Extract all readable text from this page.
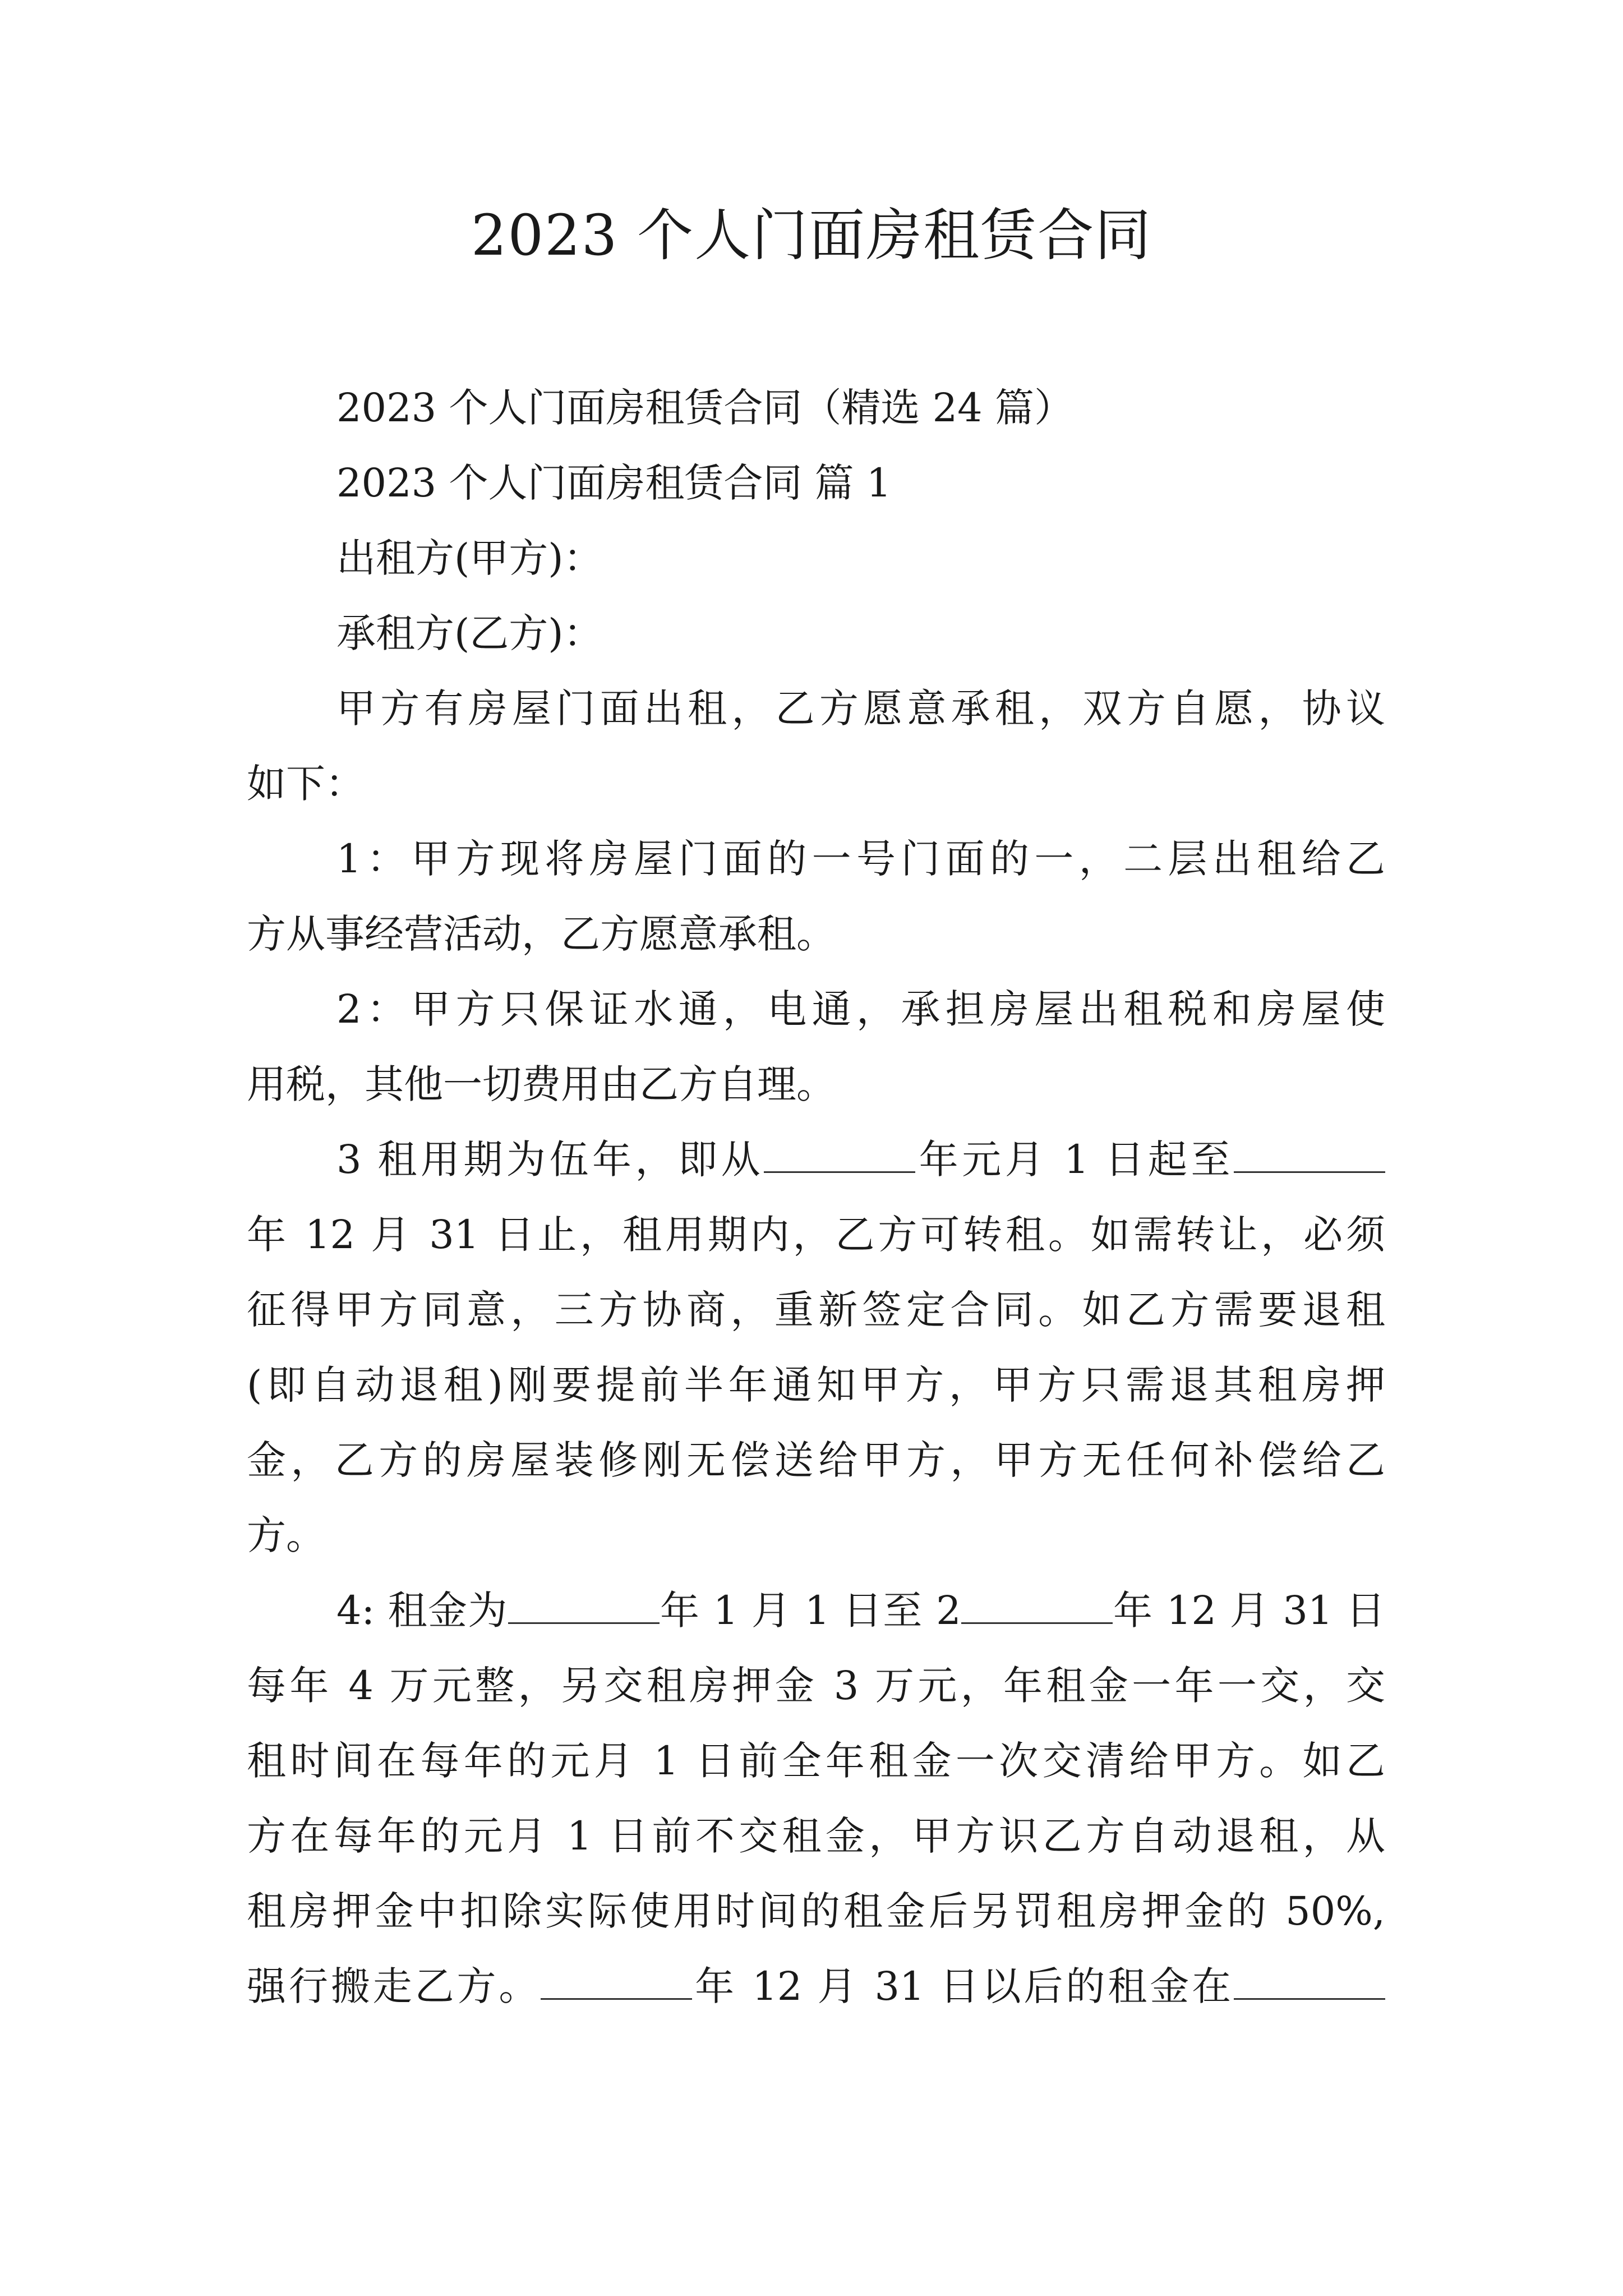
2023 个人门面房租赁合同
2023 个人门面房租赁合同（精选 24 篇）
2023 个人门面房租赁合同 篇 1
出租方(甲方)：
承租方(乙方)：
甲方有房屋门面出租，乙方愿意承租，双方自愿，协议
如下：
1：甲方现将房屋门面的一号门面的一，二层出租给乙
方从事经营活动，乙方愿意承租。
2：甲方只保证水通，电通，承担房屋出租税和房屋使
用税，其他一切费用由乙方自理。
3 租用期为伍年，即从	年元月 1 日起至
年 12 月 31 日止，租用期内，乙方可转租。如需转让，必须
征得甲方同意，三方协商，重新签定合同。如乙方需要退租
(即自动退租)刚要提前半年通知甲方，甲方只需退其租房押
金，乙方的房屋装修刚无偿送给甲方，甲方无任何补偿给乙
方。
4: 租金为	年 1 月 1 日至 2	年 12 月 31 日
每年 4 万元整，另交租房押金 3 万元，年租金一年一交，交
租时间在每年的元月 1 日前全年租金一次交清给甲方。如乙
方在每年的元月 1 日前不交租金，甲方识乙方自动退租，从
租房押金中扣除实际使用时间的租金后另罚租房押金的 50%,
强行搬走乙方。	年 12 月 31 日以后的租金在
